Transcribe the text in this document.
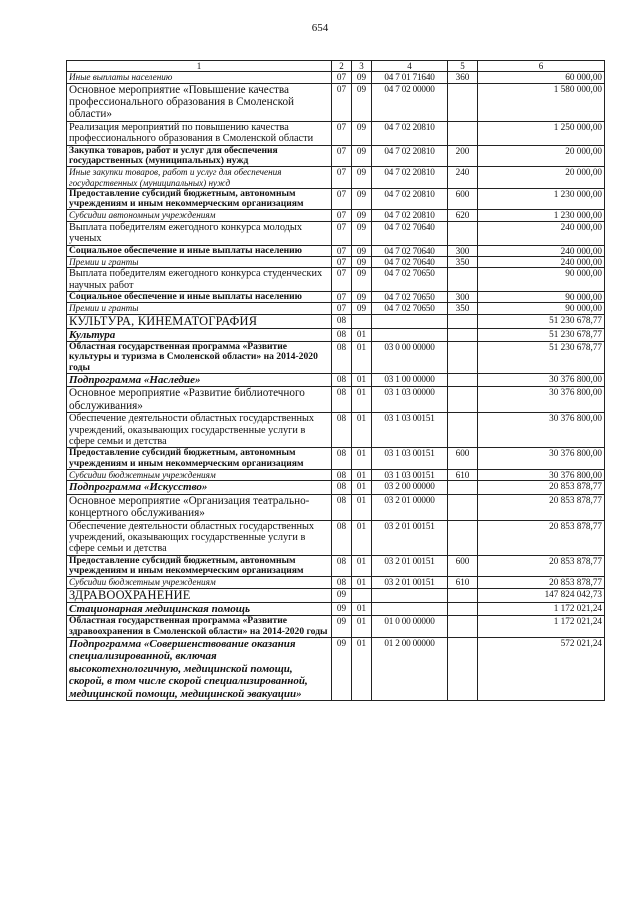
654
1	2	3	4	5	6
Иные выплаты населению	07	09	04 7 01 71640	360	60 000,00
Основное мероприятие «Повышение качества профессионального образования в Смоленской области»	07	09	04 7 02 00000		1 580 000,00
Реализация мероприятий по повышению качества профессионального образования в Смоленской области	07	09	04 7 02 20810		1 250 000,00
Закупка товаров, работ и услуг для обеспечения государственных (муниципальных) нужд	07	09	04 7 02 20810	200	20 000,00
Иные закупки товаров, работ и услуг для обеспечения государственных (муниципальных) нужд	07	09	04 7 02 20810	240	20 000,00
Предоставление субсидий бюджетным, автономным учреждениям и иным некоммерческим организациям	07	09	04 7 02 20810	600	1 230 000,00
Субсидии автономным учреждениям	07	09	04 7 02 20810	620	1 230 000,00
Выплата победителям ежегодного конкурса молодых ученых	07	09	04 7 02 70640		240 000,00
Социальное обеспечение и иные выплаты населению	07	09	04 7 02 70640	300	240 000,00
Премии и гранты	07	09	04 7 02 70640	350	240 000,00
Выплата победителям ежегодного конкурса студенческих научных работ	07	09	04 7 02 70650		90 000,00
Социальное обеспечение и иные выплаты населению	07	09	04 7 02 70650	300	90 000,00
Премии и гранты	07	09	04 7 02 70650	350	90 000,00
КУЛЬТУРА, КИНЕМАТОГРАФИЯ	08				51 230 678,77
Культура	08	01			51 230 678,77
Областная государственная программа «Развитие культуры и туризма в Смоленской области» на 2014-2020 годы	08	01	03 0 00 00000		51 230 678,77
Подпрограмма «Наследие»	08	01	03 1 00 00000		30 376 800,00
Основное мероприятие «Развитие библиотечного обслуживания»	08	01	03 1 03 00000		30 376 800,00
Обеспечение деятельности областных государственных учреждений, оказывающих государственные услуги в сфере семьи и детства	08	01	03 1 03 00151		30 376 800,00
Предоставление субсидий бюджетным, автономным учреждениям и иным некоммерческим организациям	08	01	03 1 03 00151	600	30 376 800,00
Субсидии бюджетным учреждениям	08	01	03 1 03 00151	610	30 376 800,00
Подпрограмма «Искусство»	08	01	03 2 00 00000		20 853 878,77
Основное мероприятие «Организация театрально-концертного обслуживания»	08	01	03 2 01 00000		20 853 878,77
Обеспечение деятельности областных государственных учреждений, оказывающих государственные услуги в сфере семьи и детства	08	01	03 2 01 00151		20 853 878,77
Предоставление субсидий бюджетным, автономным учреждениям и иным некоммерческим организациям	08	01	03 2 01 00151	600	20 853 878,77
Субсидии бюджетным учреждениям	08	01	03 2 01 00151	610	20 853 878,77
ЗДРАВООХРАНЕНИЕ	09				147 824 042,73
Стационарная медицинская помощь	09	01			1 172 021,24
Областная государственная программа «Развитие здравоохранения в Смоленской области» на 2014-2020 годы	09	01	01 0 00 00000		1 172 021,24
Подпрограмма «Совершенствование оказания специализированной, включая высокотехнологичную, медицинской помощи, скорой, в том числе скорой специализированной, медицинской помощи, медицинской эвакуации»	09	01	01 2 00 00000		572 021,24
